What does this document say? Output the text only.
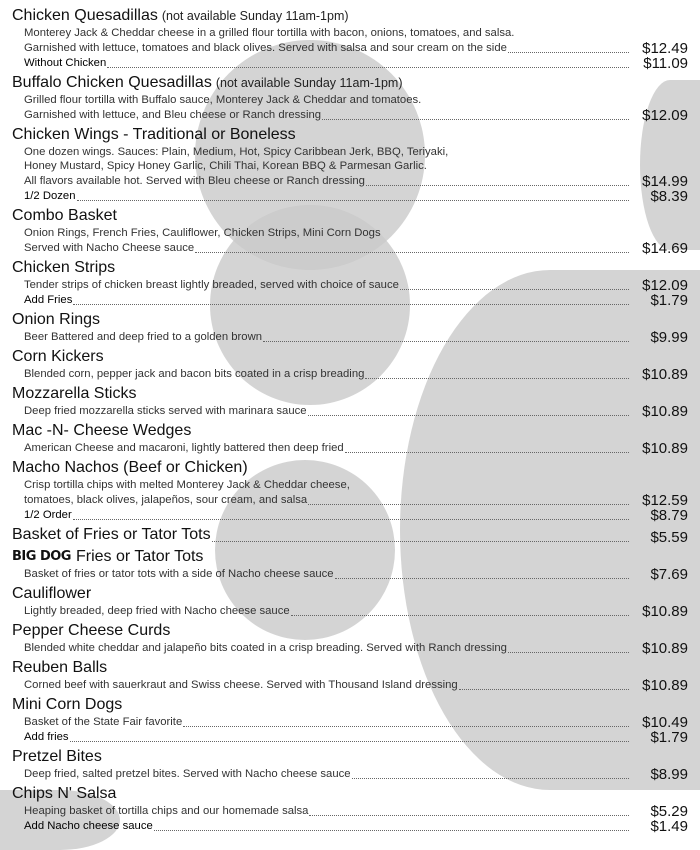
Chicken Quesadillas (not available Sunday 11am-1pm)
Monterey Jack & Cheddar cheese in a grilled flour tortilla with bacon, onions, tomatoes, and salsa.
Garnished with lettuce, tomatoes and black olives. Served with salsa and sour cream on the side	$12.49
Without Chicken	$11.09
Buffalo Chicken Quesadillas (not available Sunday 11am-1pm)
Grilled flour tortilla with Buffalo sauce, Monterey Jack & Cheddar and tomatoes.
Garnished with lettuce, and Bleu cheese or Ranch dressing	$12.09
Chicken Wings - Traditional or Boneless
One dozen wings. Sauces: Plain, Medium, Hot, Spicy Caribbean Jerk, BBQ, Teriyaki,
Honey Mustard, Spicy Honey Garlic, Chili Thai, Korean BBQ & Parmesan Garlic.
All flavors available hot. Served with Bleu cheese or Ranch dressing	$14.99
1/2 Dozen	$8.39
Combo Basket
Onion Rings, French Fries, Cauliflower, Chicken Strips, Mini Corn Dogs
Served with Nacho Cheese sauce	$14.69
Chicken Strips
Tender strips of chicken breast lightly breaded, served with choice of sauce	$12.09
Add Fries	$1.79
Onion Rings
Beer Battered and deep fried to a golden brown	$9.99
Corn Kickers
Blended corn, pepper jack and bacon bits coated in a crisp breading	$10.89
Mozzarella Sticks
Deep fried mozzarella sticks served with marinara sauce	$10.89
Mac -N- Cheese Wedges
American Cheese and macaroni, lightly battered then deep fried	$10.89
Macho Nachos (Beef or Chicken)
Crisp tortilla chips with melted Monterey Jack & Cheddar cheese,
tomatoes, black olives, jalapeños, sour cream, and salsa	$12.59
1/2 Order	$8.79
Basket of Fries or Tator Tots	$5.59
BIG DOG Fries or Tator Tots
Basket of fries or tator tots with a side of Nacho cheese sauce	$7.69
Cauliflower
Lightly breaded, deep fried with Nacho cheese sauce	$10.89
Pepper Cheese Curds
Blended white cheddar and jalapeño bits coated in a crisp breading. Served with Ranch dressing	$10.89
Reuben Balls
Corned beef with sauerkraut and Swiss cheese. Served with Thousand Island dressing	$10.89
Mini Corn Dogs
Basket of the State Fair favorite	$10.49
Add fries	$1.79
Pretzel Bites
Deep fried, salted pretzel bites. Served with Nacho cheese sauce	$8.99
Chips N' Salsa
Heaping basket of tortilla chips and our homemade salsa	$5.29
Add Nacho cheese sauce	$1.49
